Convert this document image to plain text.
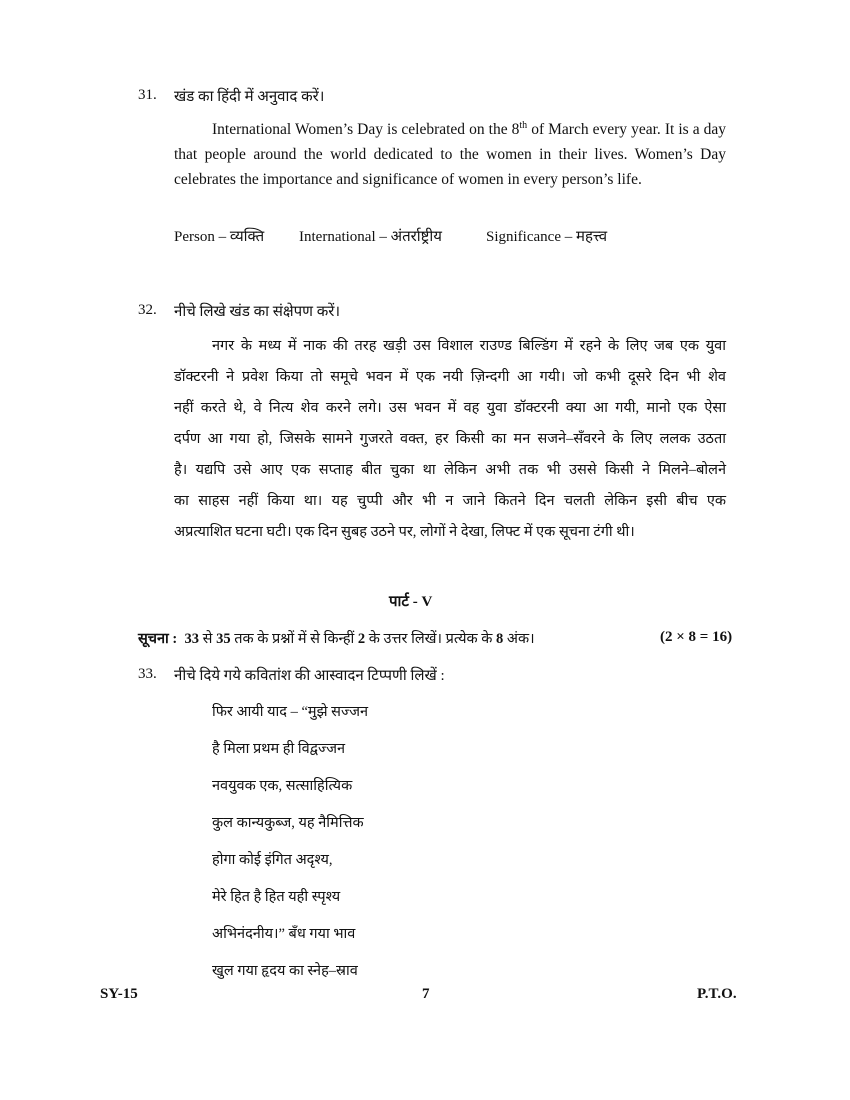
31. खंड का हिंदी में अनुवाद करें।
International Women’s Day is celebrated on the 8th of March every year. It is a day that people around the world dedicated to the women in their lives. Women’s Day celebrates the importance and significance of women in every person’s life.
Person – व्यक्ति International – अंतर्राष्ट्रीय	Significance – महत्त्व
32. नीचे लिखे खंड का संक्षेपण करें।
नगर के मध्य में नाक की तरह खड़ी उस विशाल राउण्ड बिल्डिंग में रहने के लिए जब एक युवा
डॉक्टरनी ने प्रवेश किया तो समूचे भवन में एक नयी ज़िन्दगी आ गयी। जो कभी दूसरे दिन भी शेव
नहीं करते थे, वे नित्य शेव करने लगे। उस भवन में वह युवा डॉक्टरनी क्या आ गयी, मानो एक ऐसा
दर्पण आ गया हो, जिसके सामने गुजरते वक्त, हर किसी का मन सजने–सँवरने के लिए ललक उठता
है। यद्यपि उसे आए एक सप्ताह बीत चुका था लेकिन अभी तक भी उससे किसी ने मिलने–बोलने
का साहस नहीं किया था। यह चुप्पी और भी न जाने कितने दिन चलती लेकिन इसी बीच एक
अप्रत्याशित घटना घटी। एक दिन सुबह उठने पर, लोगों ने देखा, लिफ्ट में एक सूचना टंगी थी।
पार्ट - V
सूचना : 33 से 35 तक के प्रश्नों में से किन्हीं 2 के उत्तर लिखें। प्रत्येक के 8 अंक।	(2 × 8 = 16)
33. नीचे दिये गये कवितांश की आस्वादन टिप्पणी लिखें :
फिर आयी याद – “मुझे सज्जन
है मिला प्रथम ही विद्वज्जन
नवयुवक एक, सत्साहित्यिक
कुल कान्यकुब्ज, यह नैमित्तिक
होगा कोई इंगित अदृश्य,
मेरे हित है हित यही स्पृश्य
अभिनंदनीय।” बँध गया भाव
खुल गया हृदय का स्नेह–स्राव
SY-15	7	P.T.O.
